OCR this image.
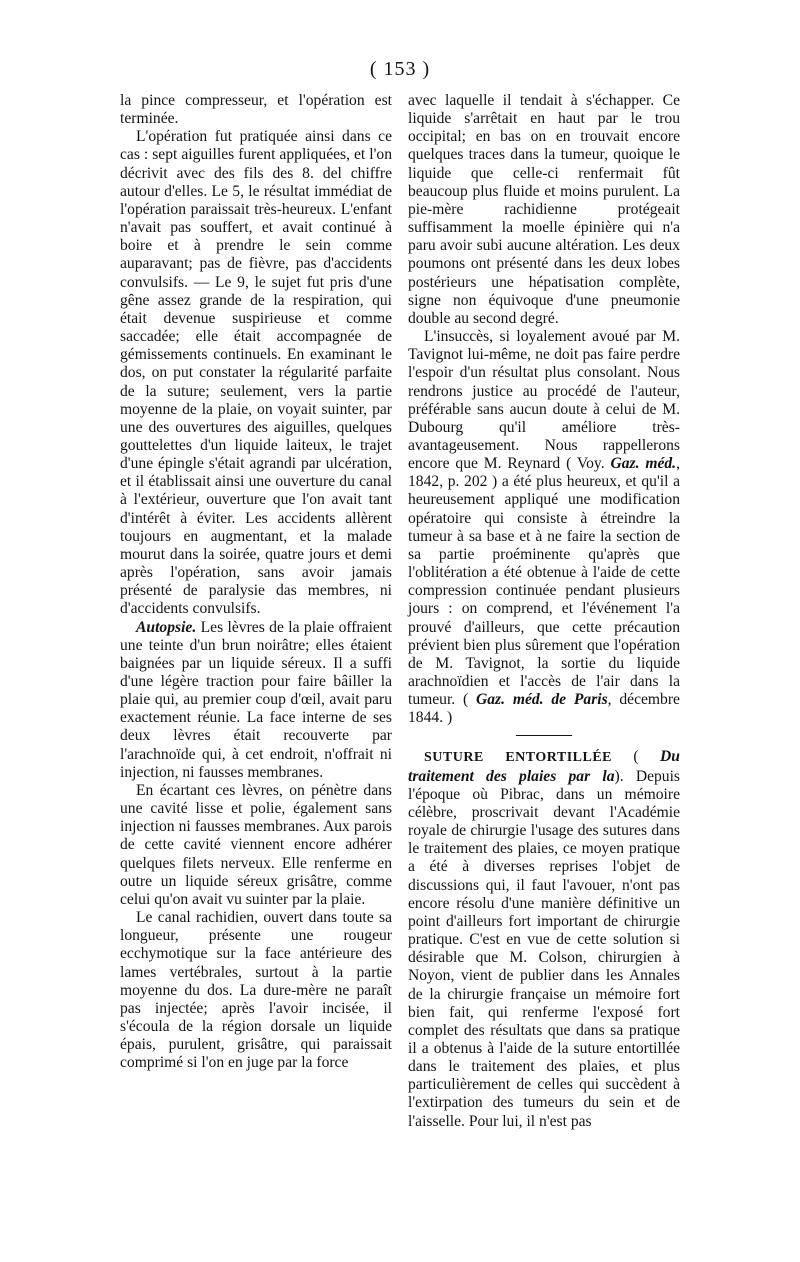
( 153 )

la pince compresseur, et l'opération est terminée.

L'opération fut pratiquée ainsi dans ce cas : sept aiguilles furent appliquées, et l'on décrivit avec des fils des 8. del chiffre autour d'elles. Le 5, le résultat immédiat de l'opération paraissait très-heureux. L'enfant n'avait pas souffert, et avait continué à boire et à prendre le sein comme auparavant; pas de fièvre, pas d'accidents convulsifs. — Le 9, le sujet fut pris d'une gêne assez grande de la respiration, qui était devenue suspirieuse et comme saccadée; elle était accompagnée de gémissements continuels. En examinant le dos, on put constater la régularité parfaite de la suture; seulement, vers la partie moyenne de la plaie, on voyait suinter, par une des ouvertures des aiguilles, quelques gouttelettes d'un liquide laiteux, le trajet d'une épingle s'était agrandi par ulcération, et il établissait ainsi une ouverture du canal à l'extérieur, ouverture que l'on avait tant d'intérêt à éviter. Les accidents allèrent toujours en augmentant, et la malade mourut dans la soirée, quatre jours et demi après l'opération, sans avoir jamais présenté de paralysie das membres, ni d'accidents convulsifs.

Autopsie. Les lèvres de la plaie offraient une teinte d'un brun noirâtre; elles étaient baignées par un liquide séreux. Il a suffi d'une légère traction pour faire bâiller la plaie qui, au premier coup d'œil, avait paru exactement réunie. La face interne de ses deux lèvres était recouverte par l'arachnoïde qui, à cet endroit, n'offrait ni injection, ni fausses membranes.

En écartant ces lèvres, on pénètre dans une cavité lisse et polie, également sans injection ni fausses membranes. Aux parois de cette cavité viennent encore adhérer quelques filets nerveux. Elle renferme en outre un liquide séreux grisâtre, comme celui qu'on avait vu suinter par la plaie.

Le canal rachidien, ouvert dans toute sa longueur, présente une rougeur ecchymotique sur la face antérieure des lames vertébrales, surtout à la partie moyenne du dos. La dure-mère ne paraît pas injectée; après l'avoir incisée, il s'écoula de la région dorsale un liquide épais, purulent, grisâtre, qui paraissait comprimé si l'on en juge par la force

avec laquelle il tendait à s'échapper. Ce liquide s'arrêtait en haut par le trou occipital; en bas on en trouvait encore quelques traces dans la tumeur, quoique le liquide que celle-ci renfermait fût beaucoup plus fluide et moins purulent. La pie-mère rachidienne protégeait suffisamment la moelle épinière qui n'a paru avoir subi aucune altération. Les deux poumons ont présenté dans les deux lobes postérieurs une hépatisation complète, signe non équivoque d'une pneumonie double au second degré.

L'insuccès, si loyalement avoué par M. Tavignot lui-même, ne doit pas faire perdre l'espoir d'un résultat plus consolant. Nous rendrons justice au procédé de l'auteur, préférable sans aucun doute à celui de M. Dubourg qu'il améliore très-avantageusement. Nous rappellerons encore que M. Reynard ( Voy. Gaz. méd., 1842, p. 202 ) a été plus heureux, et qu'il a heureusement appliqué une modification opératoire qui consiste à étreindre la tumeur à sa base et à ne faire la section de sa partie proéminente qu'après que l'oblitération a été obtenue à l'aide de cette compression continuée pendant plusieurs jours : on comprend, et l'événement l'a prouvé d'ailleurs, que cette précaution prévient bien plus sûrement que l'opération de M. Tavignot, la sortie du liquide arachnoïdien et l'accès de l'air dans la tumeur. ( Gaz. méd. de Paris, décembre 1844. )

SUTURE ENTORTILLÉE ( Du traitement des plaies par la). Depuis l'époque où Pibrac, dans un mémoire célèbre, proscrivait devant l'Académie royale de chirurgie l'usage des sutures dans le traitement des plaies, ce moyen pratique a été à diverses reprises l'objet de discussions qui, il faut l'avouer, n'ont pas encore résolu d'une manière définitive un point d'ailleurs fort important de chirurgie pratique. C'est en vue de cette solution si désirable que M. Colson, chirurgien à Noyon, vient de publier dans les Annales de la chirurgie française un mémoire fort bien fait, qui renferme l'exposé fort complet des résultats que dans sa pratique il a obtenus à l'aide de la suture entortillée dans le traitement des plaies, et plus particulièrement de celles qui succèdent à l'extirpation des tumeurs du sein et de l'aisselle. Pour lui, il n'est pas
